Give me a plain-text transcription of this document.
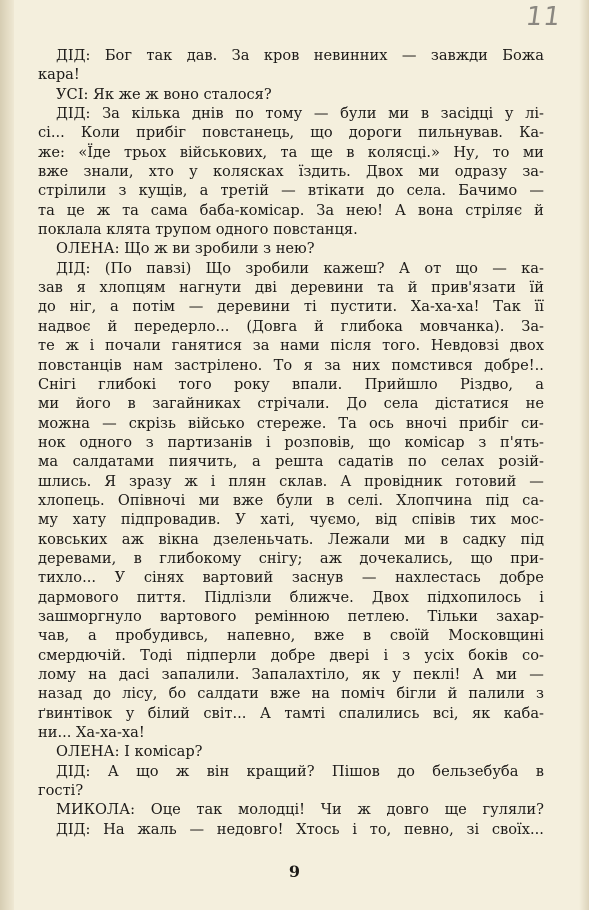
11
ДІД: Бог так дав. За кров невинних — завжди Божа
кара!
УСІ: Як же ж воно сталося?
ДІД: За кілька днів по тому — були ми в засідці у лі-
сі... Коли прибіг повстанець, що дороги пильнував. Ка-
же: «Їде трьох військових, та ще в колясці.» Ну, то ми
вже знали, хто у колясках їздить. Двох ми одразу за-
стрілили з кущів, а третій — втікати до села. Бачимо —
та це ж та сама баба-комісар. За нею! А вона стріляє й
поклала клята трупом одного повстанця.
ОЛЕНА: Що ж ви зробили з нею?
ДІД: (По павзі) Що зробили кажеш? А от що — ка-
зав я хлопцям нагнути дві деревини та й прив'язати їй
до ніг, а потім — деревини ті пустити. Ха-ха-ха! Так її
надвоє й передерло... (Довга й глибока мовчанка). За-
те ж і почали ганятися за нами після того. Невдовзі двох
повстанців нам застрілено. То я за них помстився добре!..
Снігі глибокі того року впали. Прийшло Різдво, а
ми його в загайниках стрічали. До села дістатися не
можна — скрізь військо стереже. Та ось вночі прибіг си-
нок одного з партизанів і розповів, що комісар з п'ять-
ма салдатами пиячить, а решта садатів по селах розій-
шлись. Я зразу ж і плян склав. А провідник готовий —
хлопець. Опівночі ми вже були в селі. Хлопчина під са-
му хату підпровадив. У хаті, чуємо, від співів тих мос-
ковських аж вікна дзеленьчать. Лежали ми в садку під
деревами, в глибокому снігу; аж дочекались, що при-
тихло... У сінях вартовий заснув — нахлестась добре
дармового пиття. Підлізли ближче. Двох підхопилось і
зашморгнуло вартового ремінною петлею. Тільки захар-
чав, а пробудивсь, напевно, вже в своїй Московщині
смердючій. Тоді підперли добре двері і з усіх боків со-
лому на дасі запалили. Запалахтіло, як у пеклі! А ми —
назад до лісу, бо салдати вже на поміч бігли й палили з
ґвинтівок у білий світ... А тамті спалились всі, як каба-
ни... Ха-ха-ха!
ОЛЕНА: І комісар?
ДІД: А що ж він кращий? Пішов до бельзебуба в
гості?
МИКОЛА: Оце так молодці! Чи ж довго ще гуляли?
ДІД: На жаль — недовго! Хтось і то, певно, зі своїх...
9
